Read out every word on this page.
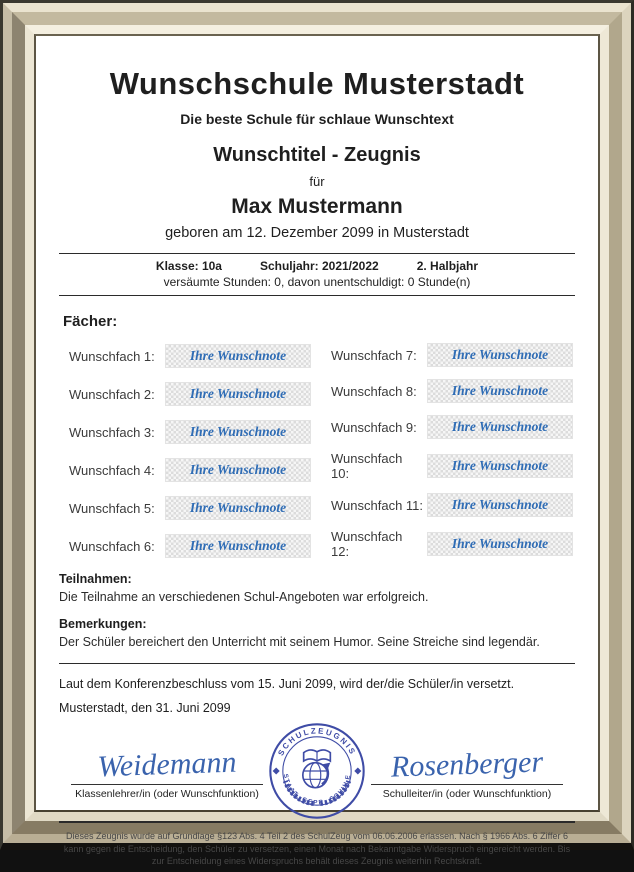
Wunschschule Musterstadt
Die beste Schule für schlaue Wunschtext
Wunschtitel - Zeugnis
für
Max Mustermann
geboren am 12. Dezember 2099 in Musterstadt
Klasse: 10a	Schuljahr: 2021/2022	2. Halbjahr
versäumte Stunden: 0, davon unentschuldigt: 0 Stunde(n)
Fächer:
Wunschfach 1:	Ihre Wunschnote
Wunschfach 2:	Ihre Wunschnote
Wunschfach 3:	Ihre Wunschnote
Wunschfach 4:	Ihre Wunschnote
Wunschfach 5:	Ihre Wunschnote
Wunschfach 6:	Ihre Wunschnote
Wunschfach 7:	Ihre Wunschnote
Wunschfach 8:	Ihre Wunschnote
Wunschfach 9:	Ihre Wunschnote
Wunschfach 10:
Ihre Wunschnote
Wunschfach 11: Ihre Wunschnote
Wunschfach 12:
Ihre Wunschnote
Teilnahmen:
Die Teilnahme an verschiedenen Schul-Angeboten war erfolgreich.
Bemerkungen:
Der Schüler bereichert den Unterricht mit seinem Humor. Seine Streiche sind legendär.
Laut dem Konferenzbeschluss vom 15. Juni 2099, wird der/die Schüler/in versetzt.
Musterstadt, den 31. Juni 2099
Weidemann
Klassenlehrer/in (oder Wunschfunktion)
SCHULZEUGNIS
STAAT. GEPR. SCHULE	Rosenberger
Schulleiter/in (oder Wunschfunktion)
Dieses Zeugnis wurde auf Grundlage §123 Abs. 4 Teil 2 des SchulZeug vom 06.06.2006 erlassen. Nach § 1966 Abs. 6 Ziffer 6 kann gegen die Entscheidung, den Schüler zu versetzen, einen Monat nach Bekanntgabe Widerspruch eingereicht werden. Bis zur Entscheidung eines Widerspruchs behält dieses Zeugnis weiterhin Rechtskraft.
